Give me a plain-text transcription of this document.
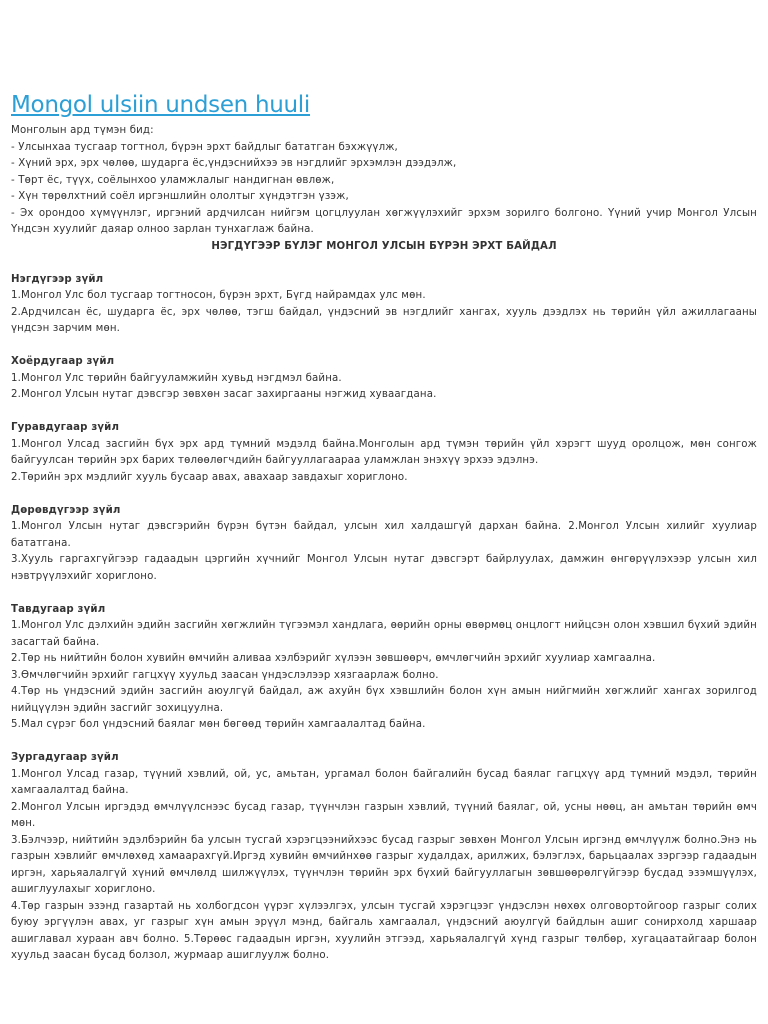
Mongol ulsiin undsen huuli

Монголын ард түмэн бид:

- Улсынхаа тусгаар тогтнол, бүрэн эрхт байдлыг бататган бэхжүүлж,

- Хүний эрх, эрх чөлөө, шударга ёс,үндэснийхээ эв нэгдлийг эрхэмлэн дээдэлж,

- Төрт ёс, түүх, соёлынхоо уламжлалыг нандигнан өвлөж,

- Хүн төрөлхтний соёл иргэншлийн ололтыг хүндэтгэн үзэж,

- Эх орондоо хүмүүнлэг, иргэний ардчилсан нийгэм цогцлуулан хөгжүүлэхийг эрхэм зорилго болгоно. Үүний учир Монгол Улсын Үндсэн хуулийг даяар олноо зарлан тунхаглаж байна.

НЭГДҮГЭЭР БҮЛЭГ МОНГОЛ УЛСЫН БҮРЭН ЭРХТ БАЙДАЛ

Нэгдүгээр зүйл

1.Монгол Улс бол тусгаар тогтносон, бүрэн эрхт, Бүгд найрамдах улс мөн.

2.Ардчилсан ёс, шударга ёс, эрх чөлөө, тэгш байдал, үндэсний эв нэгдлийг хангах, хууль дээдлэх нь төрийн үйл ажиллагааны үндсэн зарчим мөн.

Хоёрдугаар зүйл

1.Монгол Улс төрийн байгууламжийн хувьд нэгдмэл байна.

2.Монгол Улсын нутаг дэвсгэр зөвхөн засаг захиргааны нэгжид хуваагдана.

Гуравдугаар зүйл

1.Монгол Улсад засгийн бүх эрх ард түмний мэдэлд байна.Монголын ард түмэн төрийн үйл хэрэгт шууд оролцож, мөн сонгож байгуулсан төрийн эрх барих төлөөлөгчдийн байгууллагаараа уламжлан энэхүү эрхээ эдэлнэ.

2.Төрийн эрх мэдлийг хууль бусаар авах, авахаар завдахыг хориглоно.

Дөрөвдүгээр зүйл

1.Монгол Улсын нутаг дэвсгэрийн бүрэн бүтэн байдал, улсын хил халдашгүй дархан байна. 2.Монгол Улсын хилийг хуулиар бататгана.

3.Хууль гаргахгүйгээр гадаадын цэргийн хүчнийг Монгол Улсын нутаг дэвсгэрт байрлуулах, дамжин өнгөрүүлэхээр улсын хил нэвтрүүлэхийг хориглоно.

Тавдугаар зүйл

1.Монгол Улс дэлхийн эдийн засгийн хөгжлийн түгээмэл хандлага, өөрийн орны өвөрмөц онцлогт нийцсэн олон хэвшил бүхий эдийн засагтай байна.

2.Төр нь нийтийн болон хувийн өмчийн аливаа хэлбэрийг хүлээн зөвшөөрч, өмчлөгчийн эрхийг хуулиар хамгаална.

3.Өмчлөгчийн эрхийг гагцхүү хуульд заасан үндэслэлээр хязгаарлаж болно.

4.Төр нь үндэсний эдийн засгийн аюулгүй байдал, аж ахуйн бүх хэвшлийн болон хүн амын нийгмийн хөгжлийг хангах зорилгод нийцүүлэн эдийн засгийг зохицуулна.

5.Мал сүрэг бол үндэсний баялаг мөн бөгөөд төрийн хамгаалалтад байна.

Зургадугаар зүйл

1.Монгол Улсад газар, түүний хэвлий, ой, ус, амьтан, ургамал болон байгалийн бусад баялаг гагцхүү ард түмний мэдэл, төрийн хамгаалалтад байна.

2.Монгол Улсын иргэдэд өмчлүүлснээс бусад газар, түүнчлэн газрын хэвлий, түүний баялаг, ой, усны нөөц, ан амьтан төрийн өмч мөн.

3.Бэлчээр, нийтийн эдэлбэрийн ба улсын тусгай хэрэгцээнийхээс бусад газрыг зөвхөн Монгол Улсын иргэнд өмчлүүлж болно.Энэ нь газрын хэвлийг өмчлөхөд хамаарахгүй.Иргэд хувийн өмчийнхөө газрыг худалдах, арилжих, бэлэглэх, барьцаалах зэргээр гадаадын иргэн, харьяалалгүй хүний өмчлөлд шилжүүлэх, түүнчлэн төрийн эрх бүхий байгууллагын зөвшөөрөлгүйгээр бусдад эзэмшүүлэх, ашиглуулахыг хориглоно.

4.Төр газрын эзэнд газартай нь холбогдсон үүрэг хүлээлгэх, улсын тусгай хэрэгцээг үндэслэн нөхөх олговортойгоор газрыг солих буюу эргүүлэн авах, уг газрыг хүн амын эрүүл мэнд, байгаль хамгаалал, үндэсний аюулгүй байдлын ашиг сонирхолд харшаар ашиглавал хураан авч болно. 5.Төрөөс гадаадын иргэн, хуулийн этгээд, харьяалалгүй хүнд газрыг төлбөр, хугацаатайгаар болон хуульд заасан бусад болзол, журмаар ашиглуулж болно.
